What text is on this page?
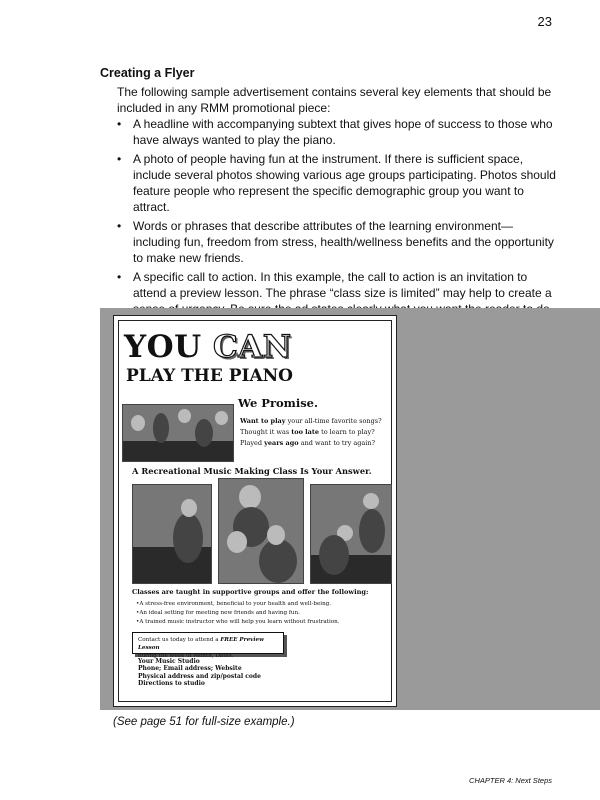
23
Creating a Flyer

The following sample advertisement contains several key elements that should be included in any RMM promotional piece:

• A headline with accompanying subtext that gives hope of success to those who have always wanted to play the piano.
• A photo of people having fun at the instrument. If there is sufficient space, include several photos showing various age groups participating. Photos should feature people who represent the specific demographic group you want to attract.
• Words or phrases that describe attributes of the learning environment—including fun, freedom from stress, health/wellness benefits and the opportunity to make new friends.
• A specific call to action. In this example, the call to action is an invitation to attend a preview lesson. The phrase “class size is limited” may help to create a
YOU CAN
PLAY THE PIANO
We Promise.
Want to play your all-time favorite songs?
Thought it was too late to learn to play?
Played years ago and want to try again?
A Recreational Music Making Class Is Your Answer.
Classes are taught in supportive groups and offer the following:
• A stress-free environment, beneficial to your health and well-being.
• An ideal setting for meeting new friends and having fun.
• A trained music instructor who will help you learn without frustration.
Contact us today to attend a FREE Preview Lesson
during the week of Month, Dates.
Your Music Studio
Phone; Email address; Website
Physical address and zip/postal code
Directions to studio
(See page 51 for full-size example.)
CHAPTER 4: Next Steps
